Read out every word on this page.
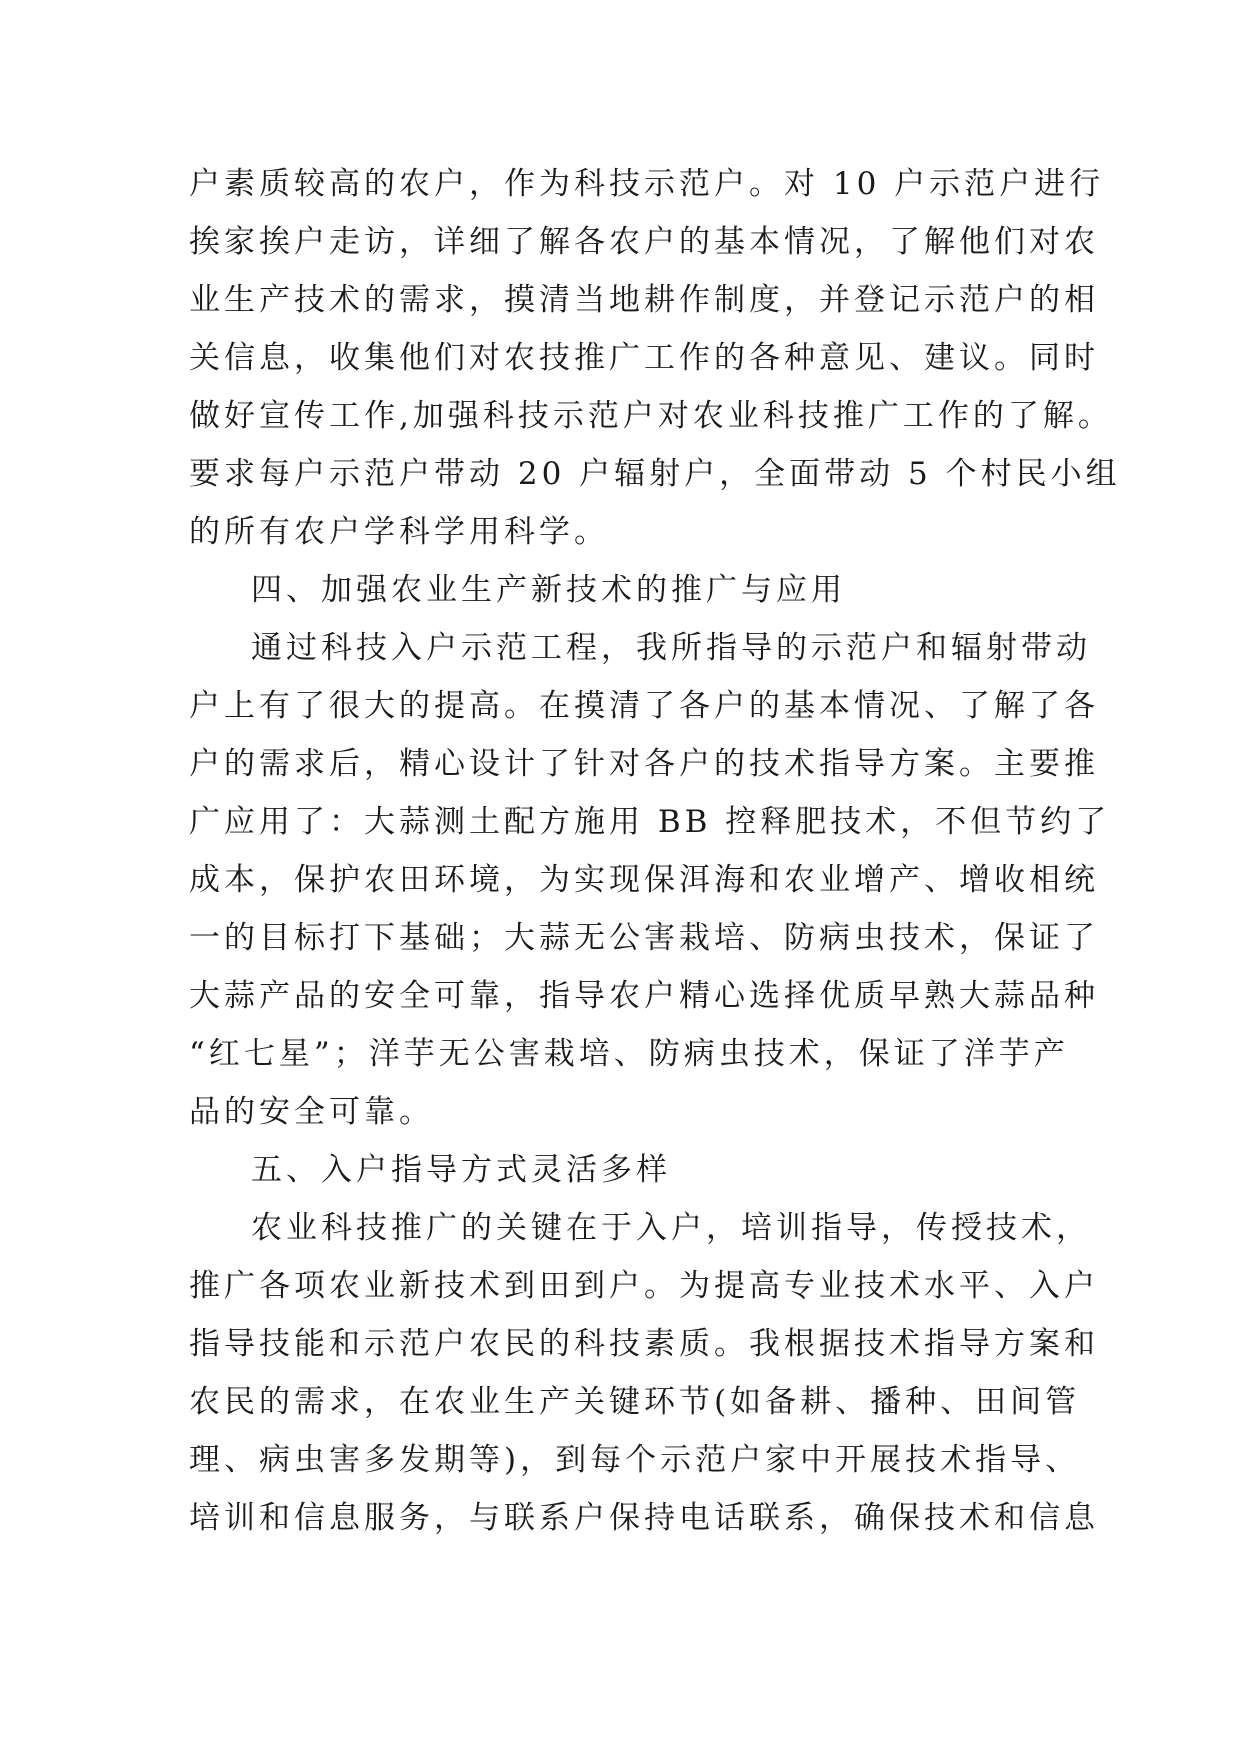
户素质较高的农户，作为科技示范户。对 10 户示范户进行
挨家挨户走访，详细了解各农户的基本情况，了解他们对农
业生产技术的需求，摸清当地耕作制度，并登记示范户的相
关信息，收集他们对农技推广工作的各种意见、建议。同时
做好宣传工作,加强科技示范户对农业科技推广工作的了解。
要求每户示范户带动 20 户辐射户，全面带动 5 个村民小组
的所有农户学科学用科学。
四、加强农业生产新技术的推广与应用
通过科技入户示范工程，我所指导的示范户和辐射带动
户上有了很大的提高。在摸清了各户的基本情况、了解了各
户的需求后，精心设计了针对各户的技术指导方案。主要推
广应用了：大蒜测土配方施用 BB 控释肥技术，不但节约了
成本，保护农田环境，为实现保洱海和农业增产、增收相统
一的目标打下基础；大蒜无公害栽培、防病虫技术，保证了
大蒜产品的安全可靠，指导农户精心选择优质早熟大蒜品种
“红七星”；洋芋无公害栽培、防病虫技术，保证了洋芋产
品的安全可靠。
五、入户指导方式灵活多样
农业科技推广的关键在于入户，培训指导，传授技术，
推广各项农业新技术到田到户。为提高专业技术水平、入户
指导技能和示范户农民的科技素质。我根据技术指导方案和
农民的需求，在农业生产关键环节(如备耕、播种、田间管
理、病虫害多发期等)，到每个示范户家中开展技术指导、
培训和信息服务，与联系户保持电话联系，确保技术和信息
